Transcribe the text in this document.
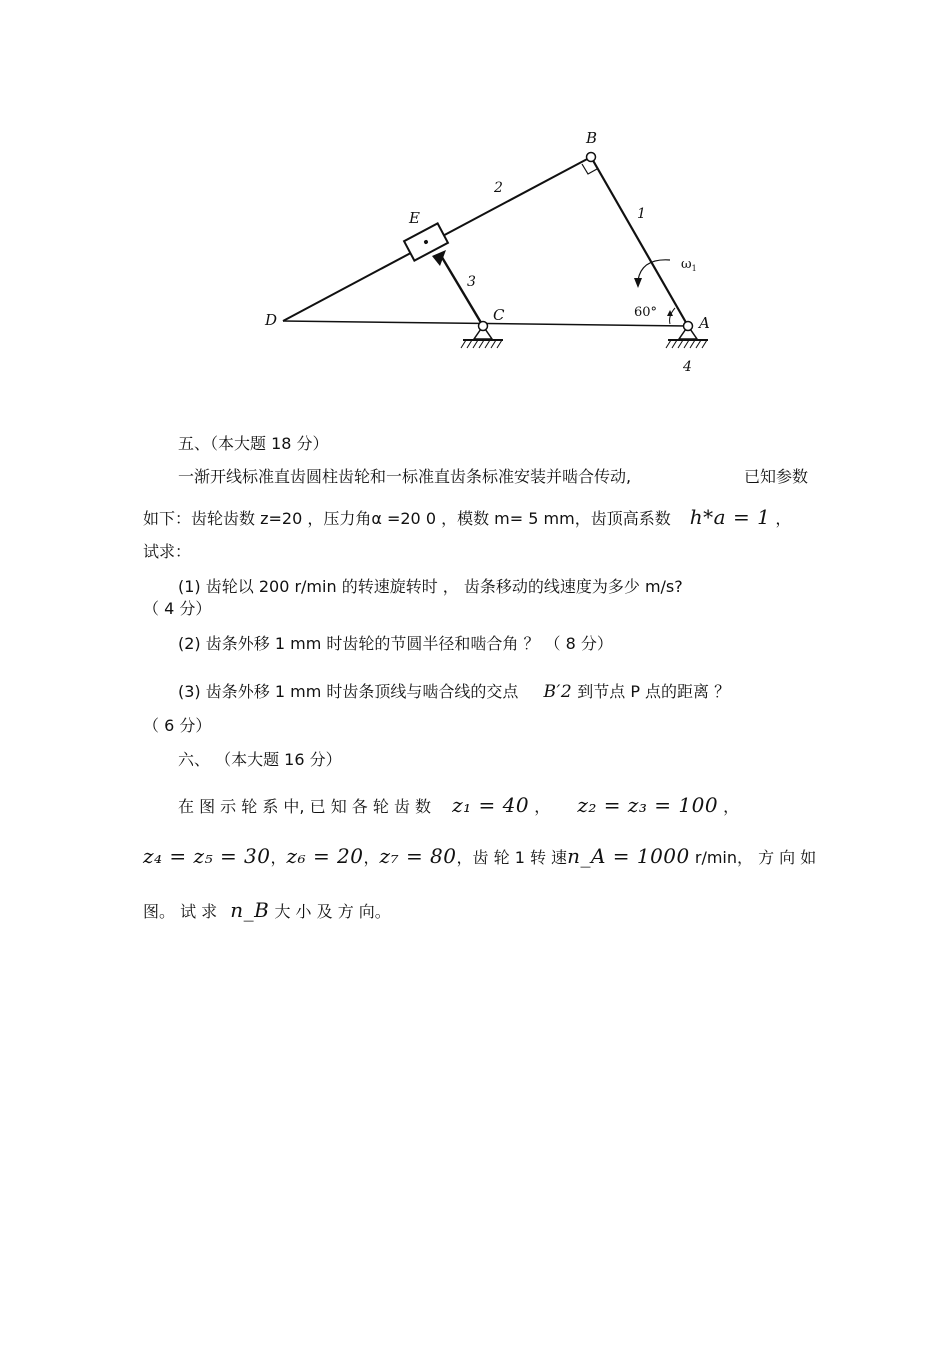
D	C	A
B
E	1
2
3
4
$\omega_1$
60°
五、（本大题 18 分）
一渐开线标准直齿圆柱齿轮和一标准直齿条标准安装并啮合传动,	已知参数
如下：齿轮齿数 z=20 ，压力角α =20 0 ，模数 m= 5 mm，齿顶高系数 h*a = 1 ，
试求：
(1) 齿轮以 200 r/min 的转速旋转时 ， 齿条移动的线速度为多少 m/s?
（ 4 分）
(2) 齿条外移 1 mm 时齿轮的节圆半径和啮合角 ？ （ 8 分）
(3) 齿条外移 1 mm 时齿条顶线与啮合线的交点 B′2 到节点 P 点的距离 ？
（ 6 分）
六、 （本大题 16 分）
在 图 示 轮 系 中, 已 知 各 轮 齿 数 z₁ = 40 ， z₂ = z₃ = 100 ，
z₄ = z₅ = 30， z₆ = 20， z₇ = 80， 齿 轮 1 转 速 n_A = 1000 r/min ， 方 向 如
图。 试 求 n_B 大 小 及 方 向。
